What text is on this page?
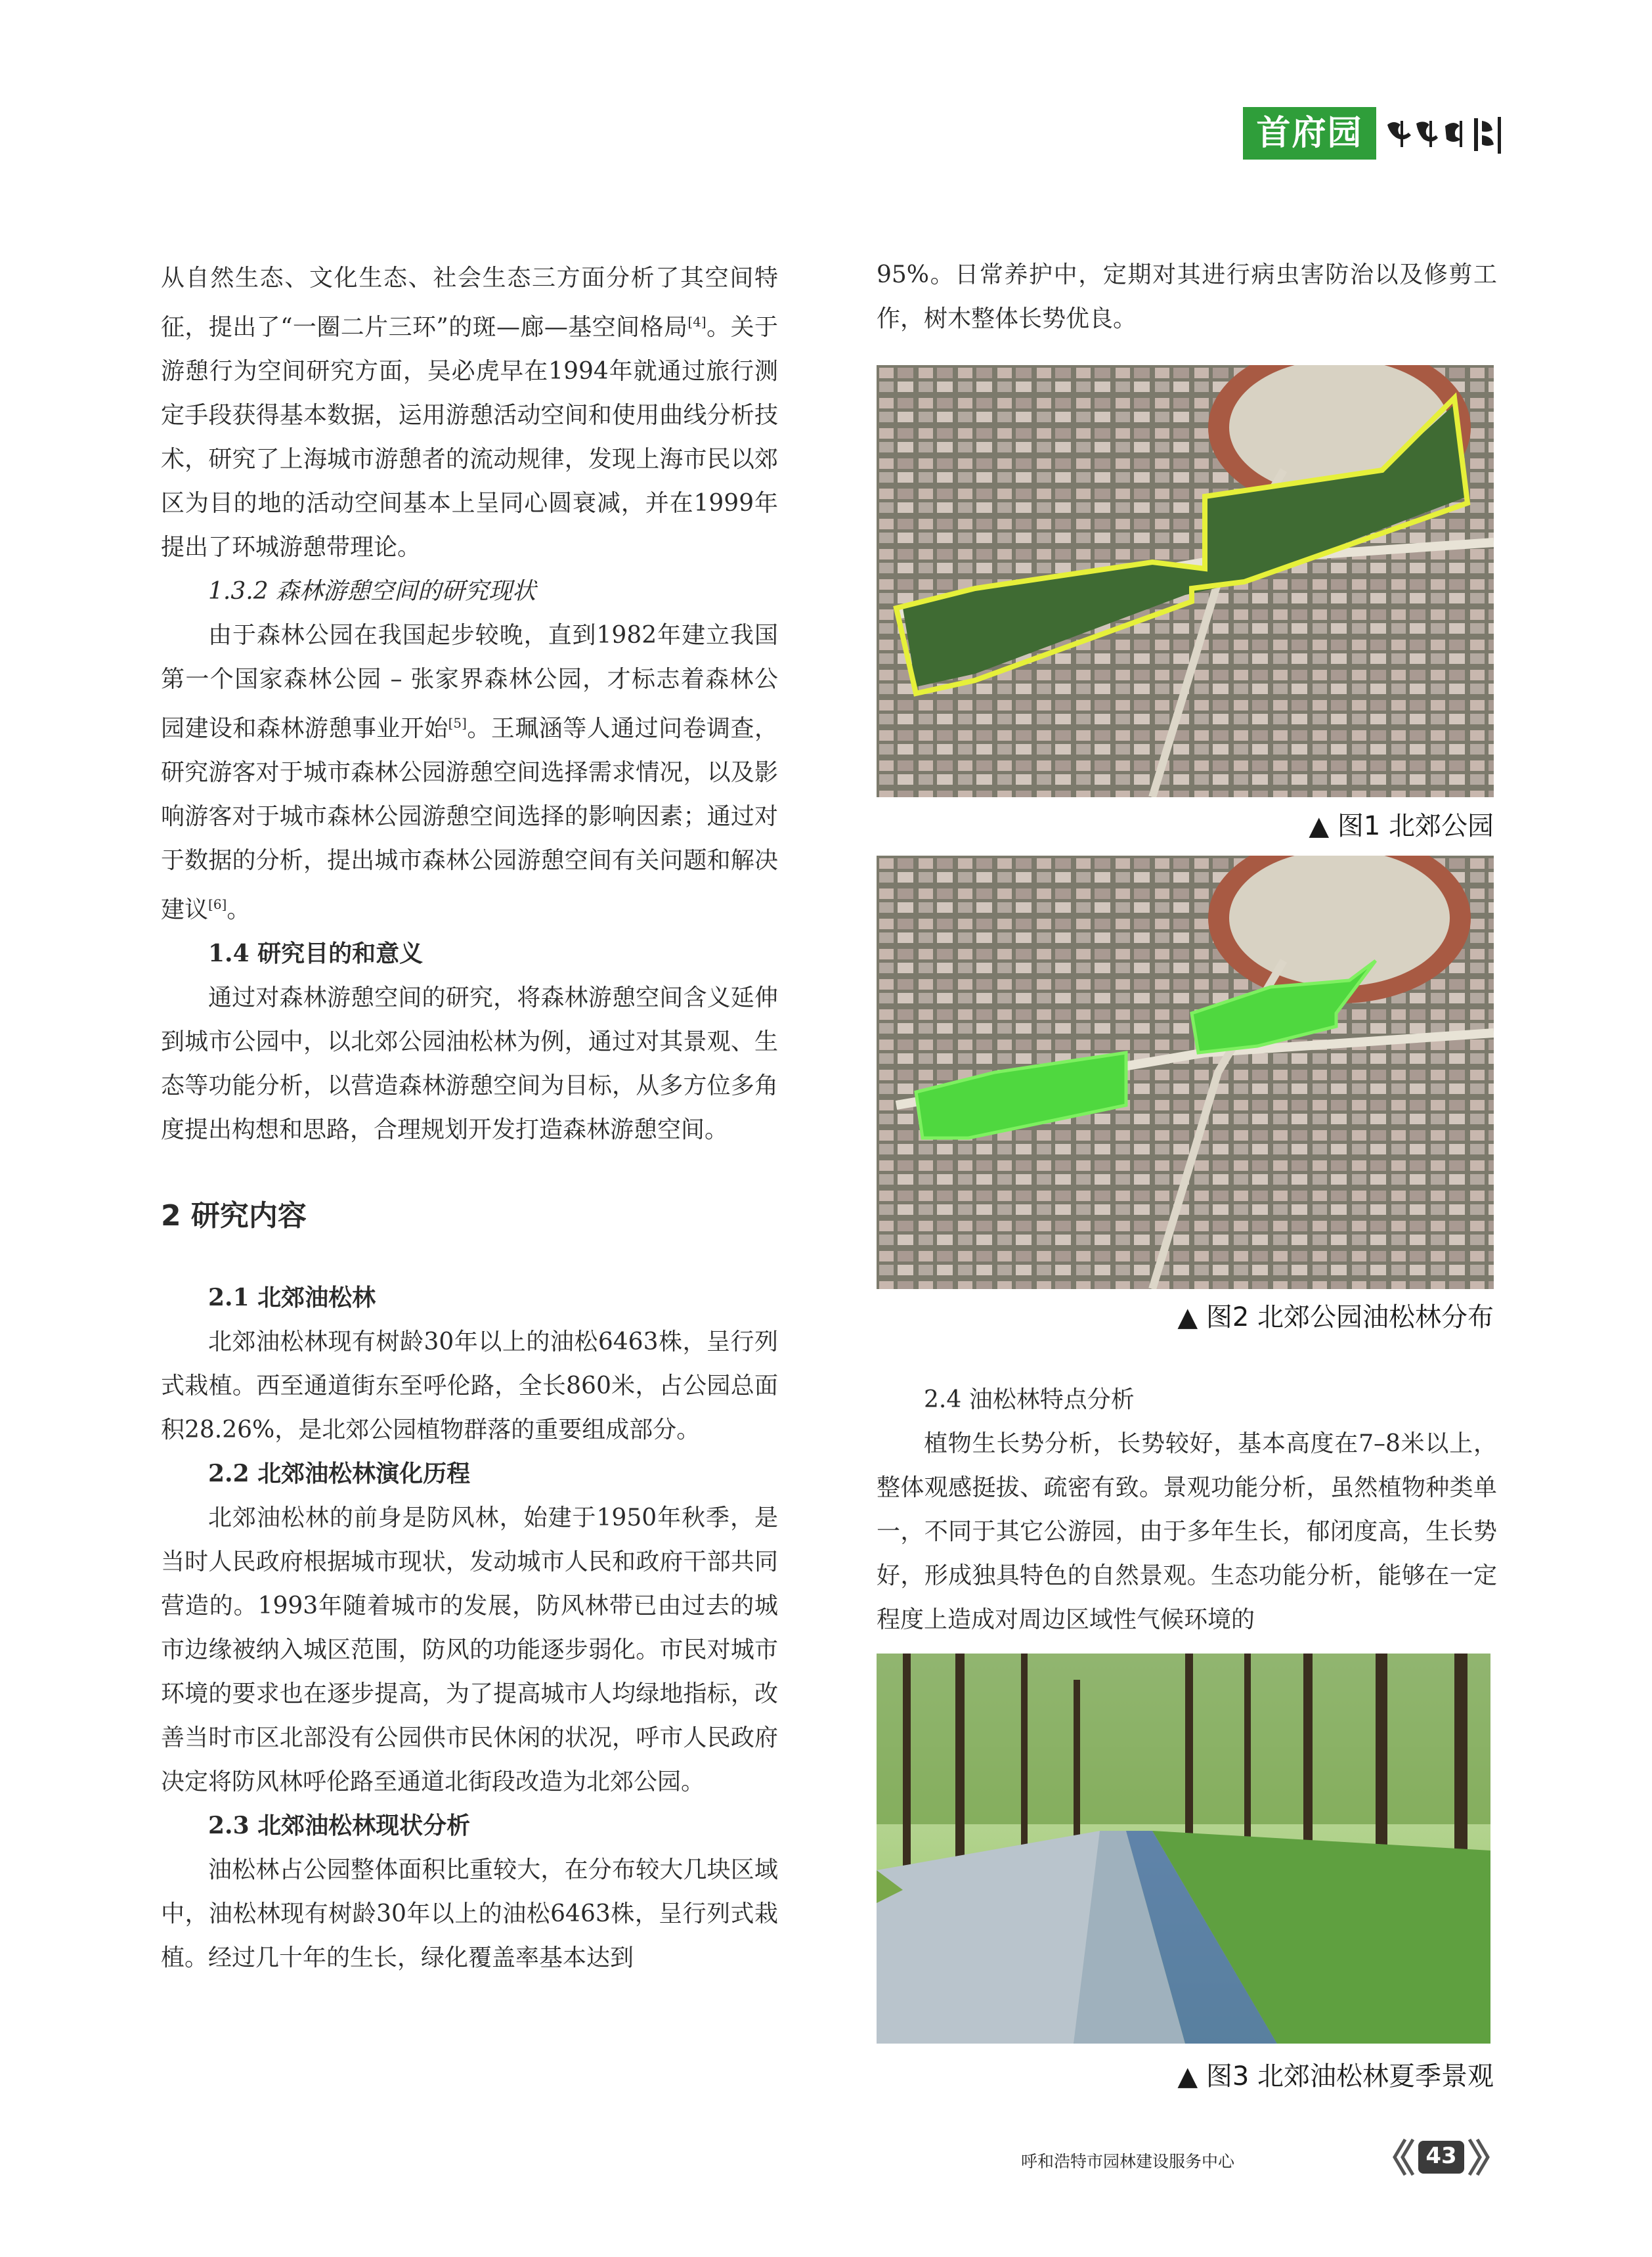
首府园林

从自然生态、文化生态、社会生态三方面分析了其空间特征，提出了“一圈二片三环”的斑—廊—基空间格局[4]。关于游憩行为空间研究方面，吴必虎早在1994年就通过旅行测定手段获得基本数据，运用游憩活动空间和使用曲线分析技术，研究了上海城市游憩者的流动规律，发现上海市民以郊区为目的地的活动空间基本上呈同心圆衰减，并在1999年提出了环城游憩带理论。

1.3.2 森林游憩空间的研究现状

由于森林公园在我国起步较晚，直到1982年建立我国第一个国家森林公园 – 张家界森林公园，才标志着森林公园建设和森林游憩事业开始[5]。王珮涵等人通过问卷调查，研究游客对于城市森林公园游憩空间选择需求情况，以及影响游客对于城市森林公园游憩空间选择的影响因素；通过对于数据的分析，提出城市森林公园游憩空间有关问题和解决建议[6]。

1.4 研究目的和意义

通过对森林游憩空间的研究，将森林游憩空间含义延伸到城市公园中，以北郊公园油松林为例，通过对其景观、生态等功能分析，以营造森林游憩空间为目标，从多方位多角度提出构想和思路，合理规划开发打造森林游憩空间。

2 研究内容

2.1 北郊油松林

北郊油松林现有树龄30年以上的油松6463株，呈行列式栽植。西至通道街东至呼伦路，全长860米，占公园总面积28.26%，是北郊公园植物群落的重要组成部分。

2.2 北郊油松林演化历程

北郊油松林的前身是防风林，始建于1950年秋季，是当时人民政府根据城市现状，发动城市人民和政府干部共同营造的。1993年随着城市的发展，防风林带已由过去的城市边缘被纳入城区范围，防风的功能逐步弱化。市民对城市环境的要求也在逐步提高，为了提高城市人均绿地指标，改善当时市区北部没有公园供市民休闲的状况，呼市人民政府决定将防风林呼伦路至通道北街段改造为北郊公园。

2.3 北郊油松林现状分析

油松林占公园整体面积比重较大，在分布较大几块区域中，油松林现有树龄30年以上的油松6463株，呈行列式栽植。经过几十年的生长，绿化覆盖率基本达到

95%。日常养护中，定期对其进行病虫害防治以及修剪工作，树木整体长势优良。

▲ 图1 北郊公园
▲ 图2 北郊公园油松林分布

2.4 油松林特点分析

植物生长势分析，长势较好，基本高度在7–8米以上，整体观感挺拔、疏密有致。景观功能分析，虽然植物种类单一，不同于其它公游园，由于多年生长，郁闭度高，生长势好，形成独具特色的自然景观。生态功能分析，能够在一定程度上造成对周边区域性气候环境的

▲ 图3 北郊油松林夏季景观
呼和浩特市园林建设服务中心	43
